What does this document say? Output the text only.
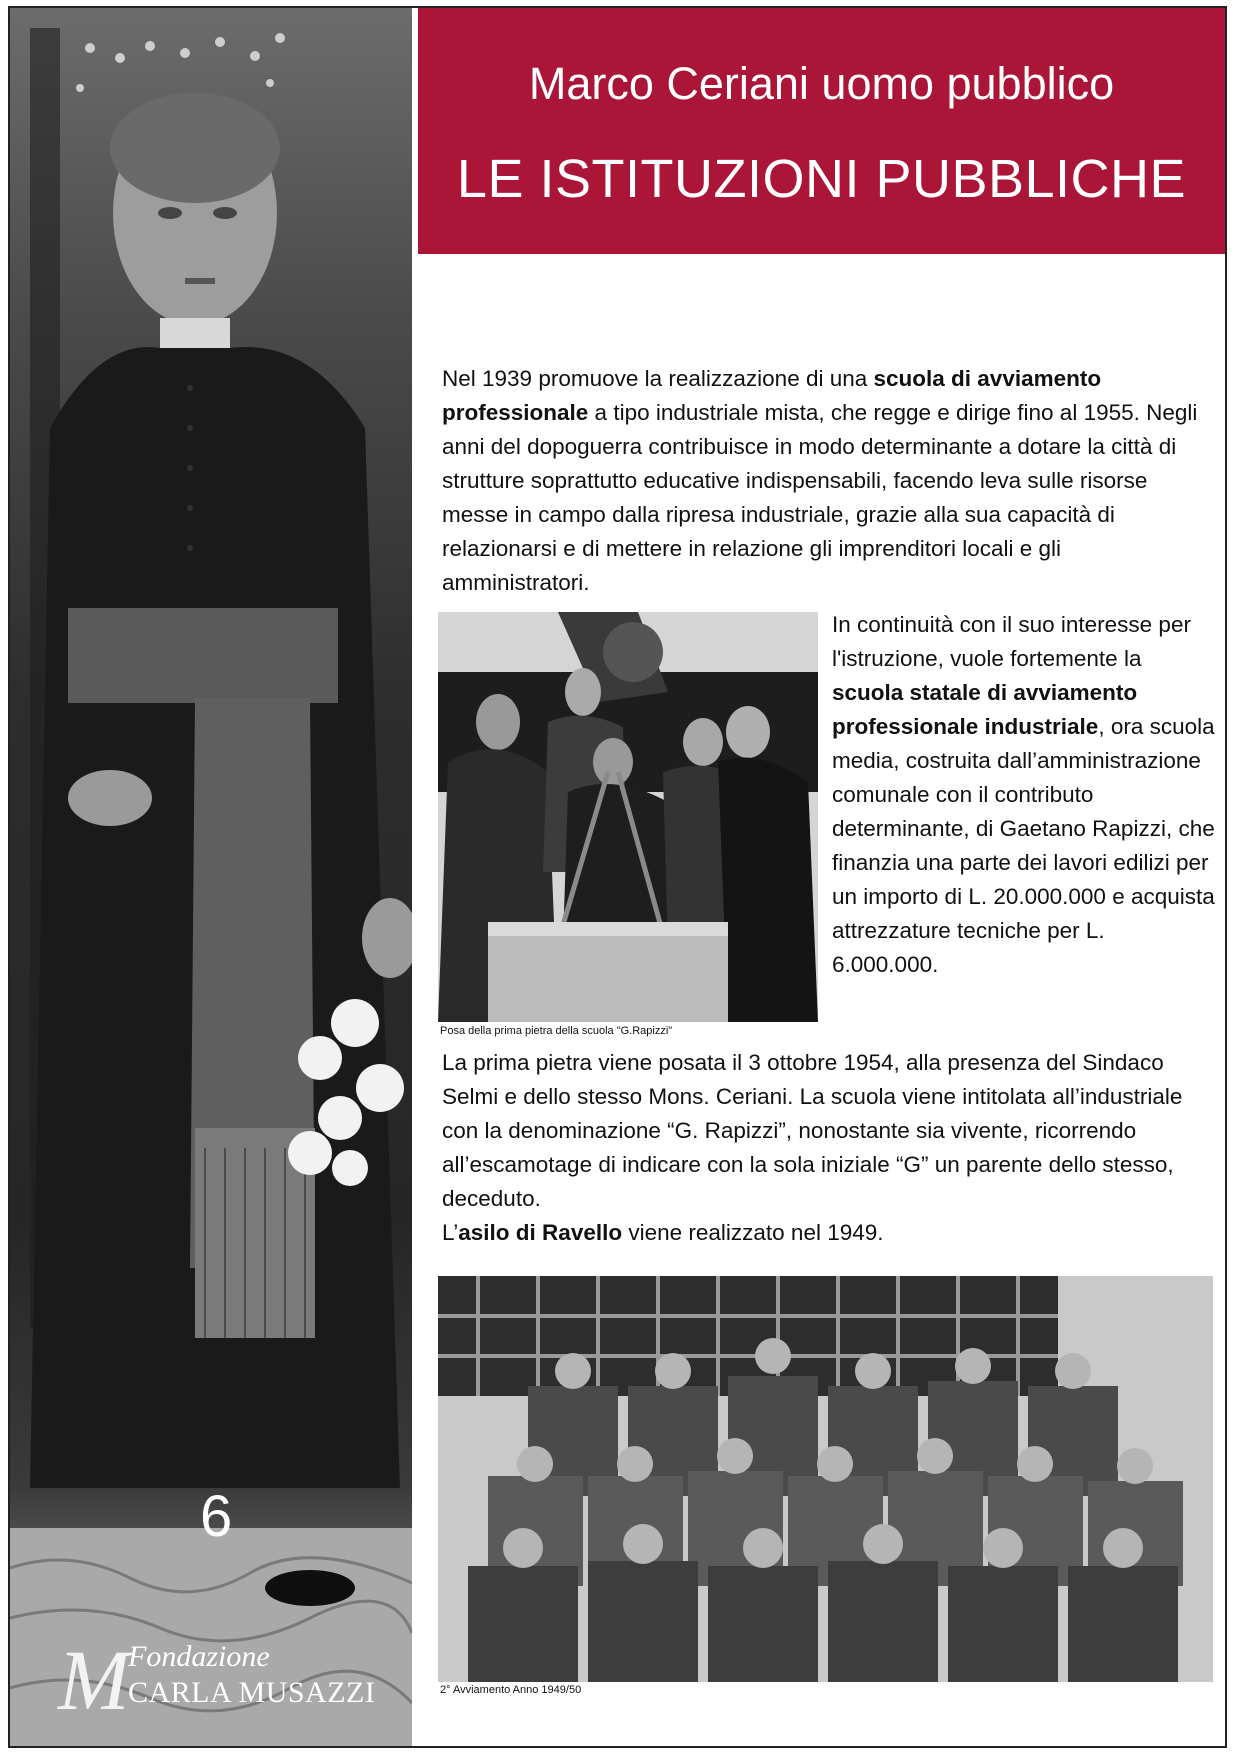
6
M
Fondazione
CARLA MUSAZZI
Marco Ceriani uomo pubblico
LE ISTITUZIONI PUBBLICHE
Nel 1939 promuove la realizzazione di una scuola di avviamento professionale a tipo industriale mista, che regge e dirige fino al 1955. Negli anni del dopoguerra contribuisce in modo determinante a dotare la città di strutture soprattutto educative indispensabili, facendo leva sulle risorse messe in campo dalla ripresa industriale, grazie alla sua capacità di relazionarsi e di mettere in relazione gli imprenditori locali e gli amministratori.
Posa della prima pietra della scuola "G.Rapizzi"
In continuità con il suo interesse per l'istruzione, vuole fortemente la scuola statale di avviamento professionale industriale, ora scuola media, costruita dall’amministrazione comunale con il contributo determinante, di Gaetano Rapizzi, che finanzia una parte dei lavori edilizi per un importo di L. 20.000.000 e acquista attrezzature tecniche per L. 6.000.000.
La prima pietra viene posata il 3 ottobre 1954, alla presenza del Sindaco Selmi e dello stesso Mons. Ceriani. La scuola viene intitolata all’industriale con la denominazione “G. Rapizzi”, nonostante sia vivente, ricorrendo all’escamotage di indicare con la sola iniziale “G” un parente dello stesso, deceduto.
L’asilo di Ravello viene realizzato nel 1949.
2° Avviamento Anno 1949/50
